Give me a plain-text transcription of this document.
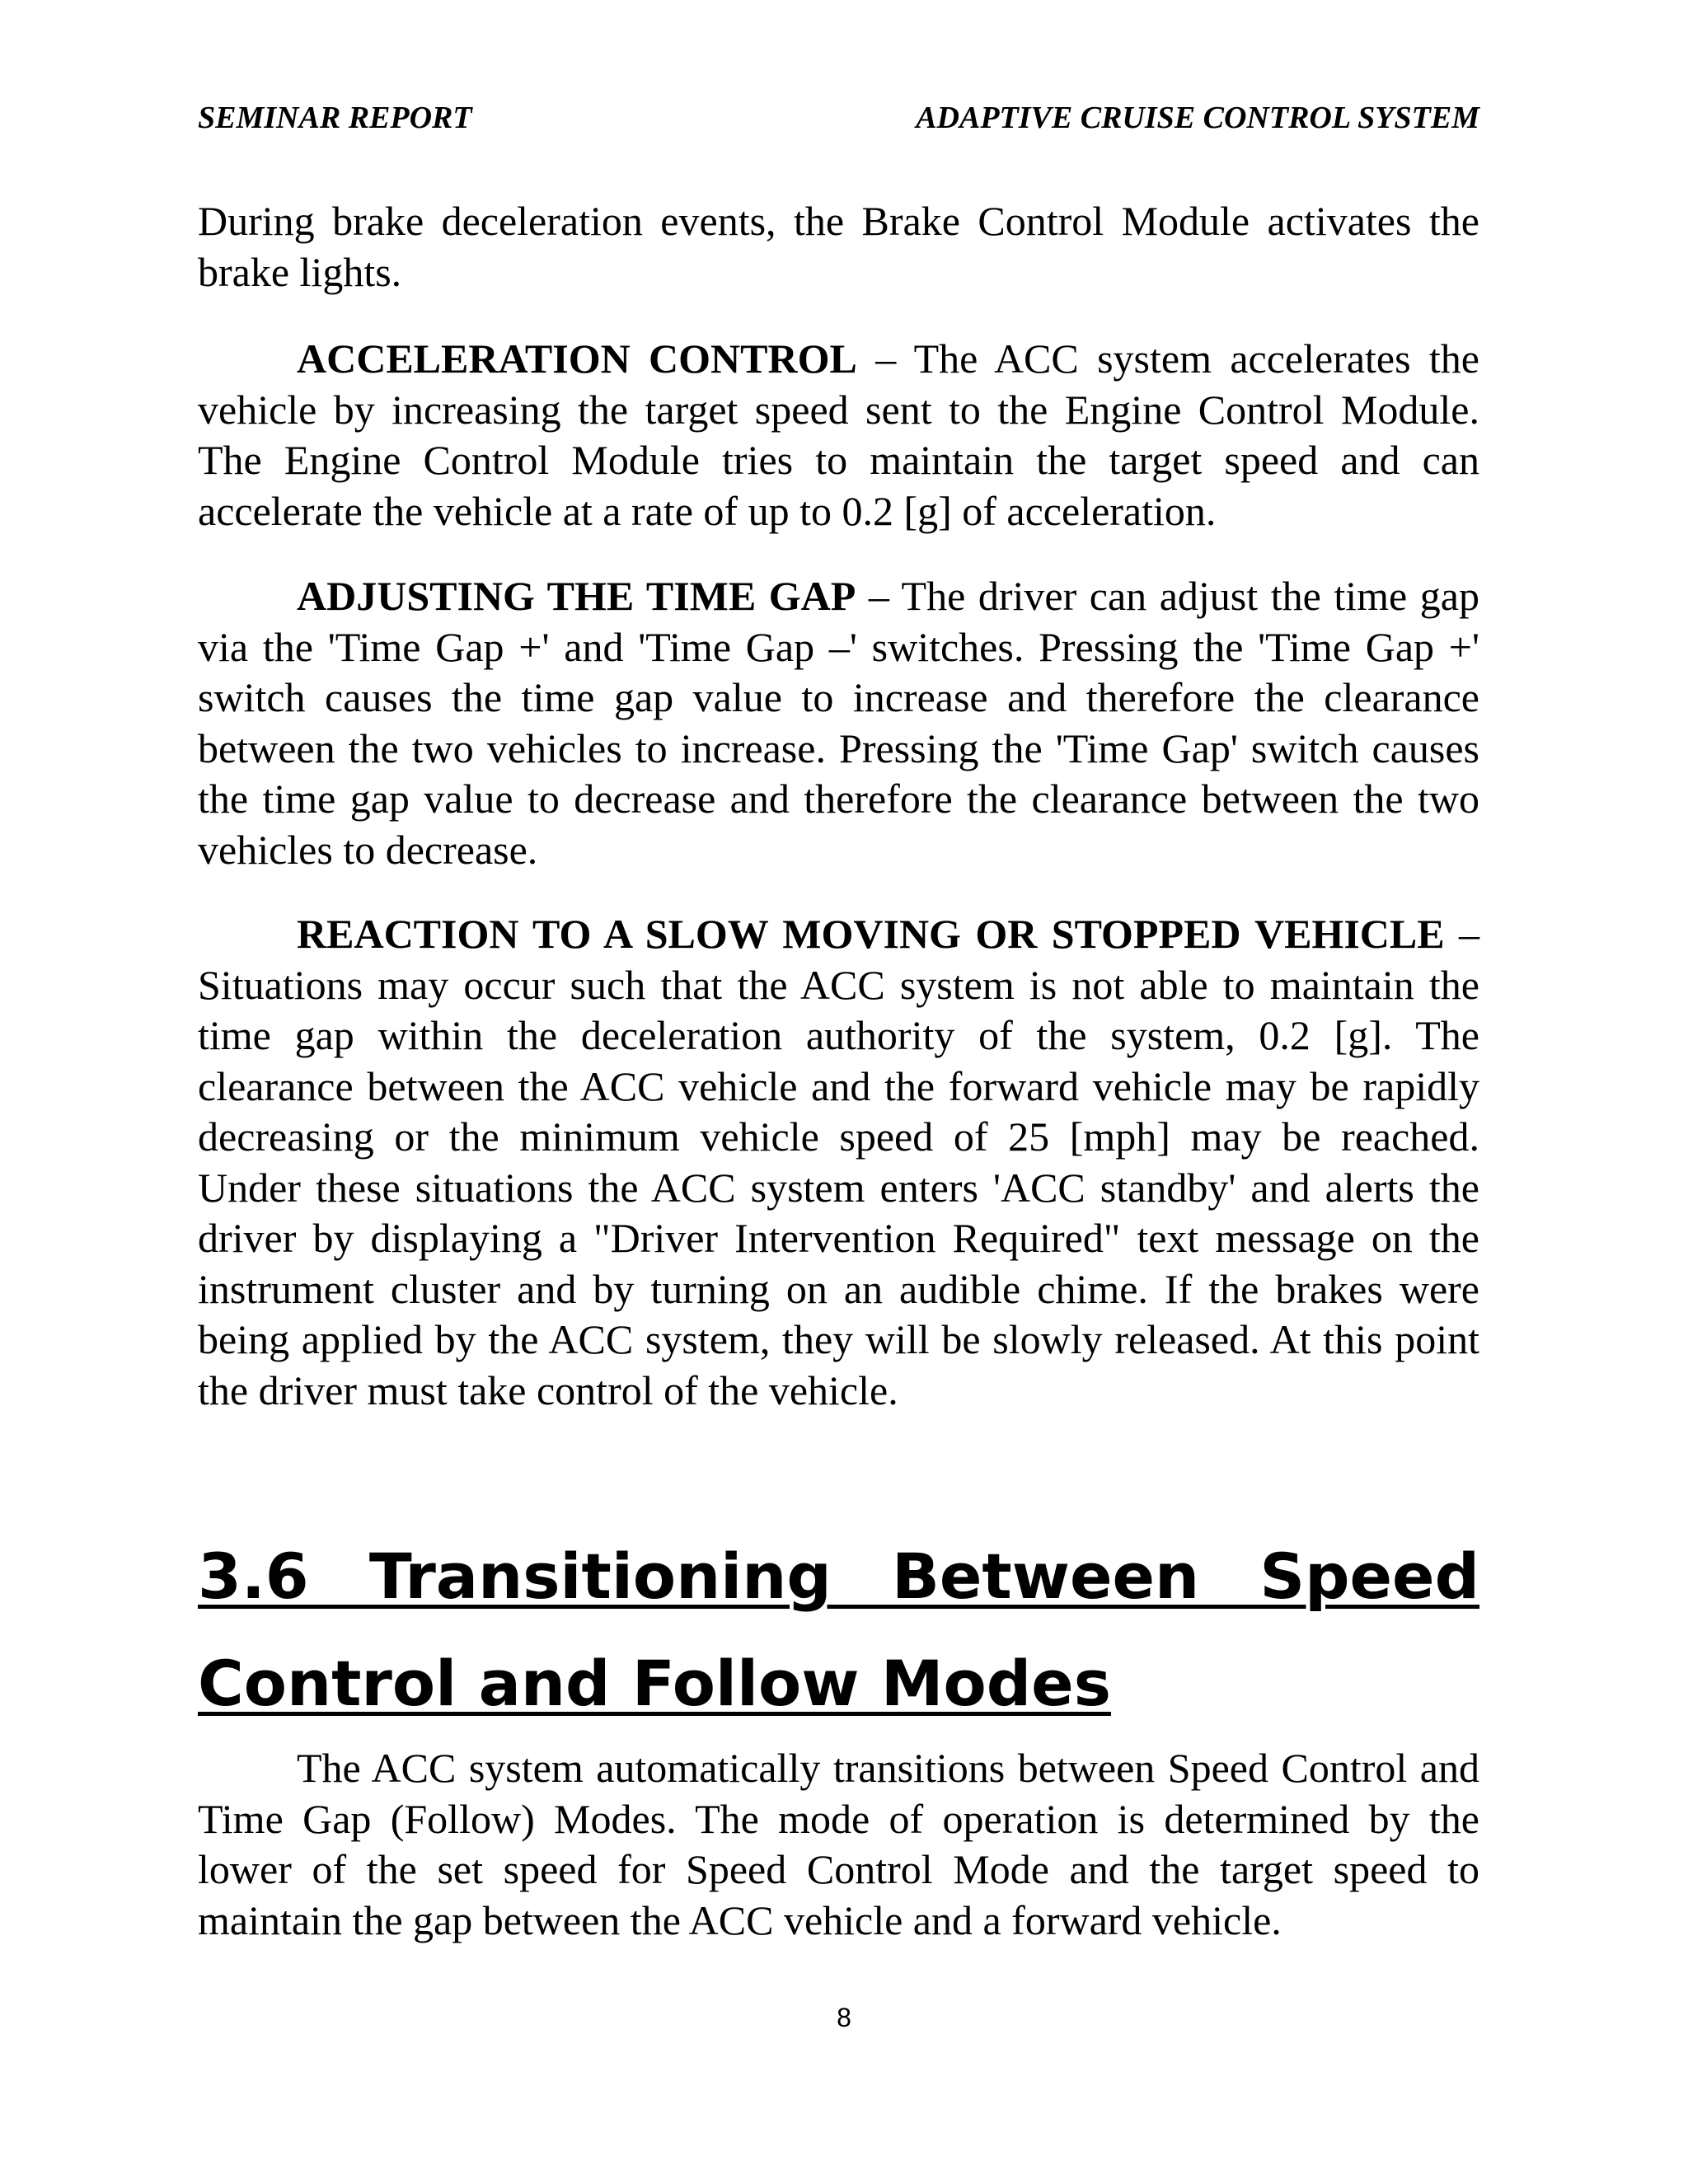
SEMINAR REPORT	ADAPTIVE CRUISE CONTROL SYSTEM

During brake deceleration events, the Brake Control Module activates the brake lights.

ACCELERATION CONTROL – The ACC system accelerates the vehicle by increasing the target speed sent to the Engine Control Module. The Engine Control Module tries to maintain the target speed and can accelerate the vehicle at a rate of up to 0.2 [g] of acceleration.

ADJUSTING THE TIME GAP – The driver can adjust the time gap via the 'Time Gap +' and 'Time Gap –' switches. Pressing the 'Time Gap +' switch causes the time gap value to increase and therefore the clearance between the two vehicles to increase. Pressing the 'Time Gap' switch causes the time gap value to decrease and therefore the clearance between the two vehicles to decrease.

REACTION TO A SLOW MOVING OR STOPPED VEHICLE – Situations may occur such that the ACC system is not able to maintain the time gap within the deceleration authority of the system, 0.2 [g]. The clearance between the ACC vehicle and the forward vehicle may be rapidly decreasing or the minimum vehicle speed of 25 [mph] may be reached. Under these situations the ACC system enters 'ACC standby' and alerts the driver by displaying a "Driver Intervention Required" text message on the instrument cluster and by turning on an audible chime. If the brakes were being applied by the ACC system, they will be slowly released. At this point the driver must take control of the vehicle.

3.6 Transitioning Between Speed Control and Follow Modes

The ACC system automatically transitions between Speed Control and Time Gap (Follow) Modes. The mode of operation is determined by the lower of the set speed for Speed Control Mode and the target speed to maintain the gap between the ACC vehicle and a forward vehicle.

8
